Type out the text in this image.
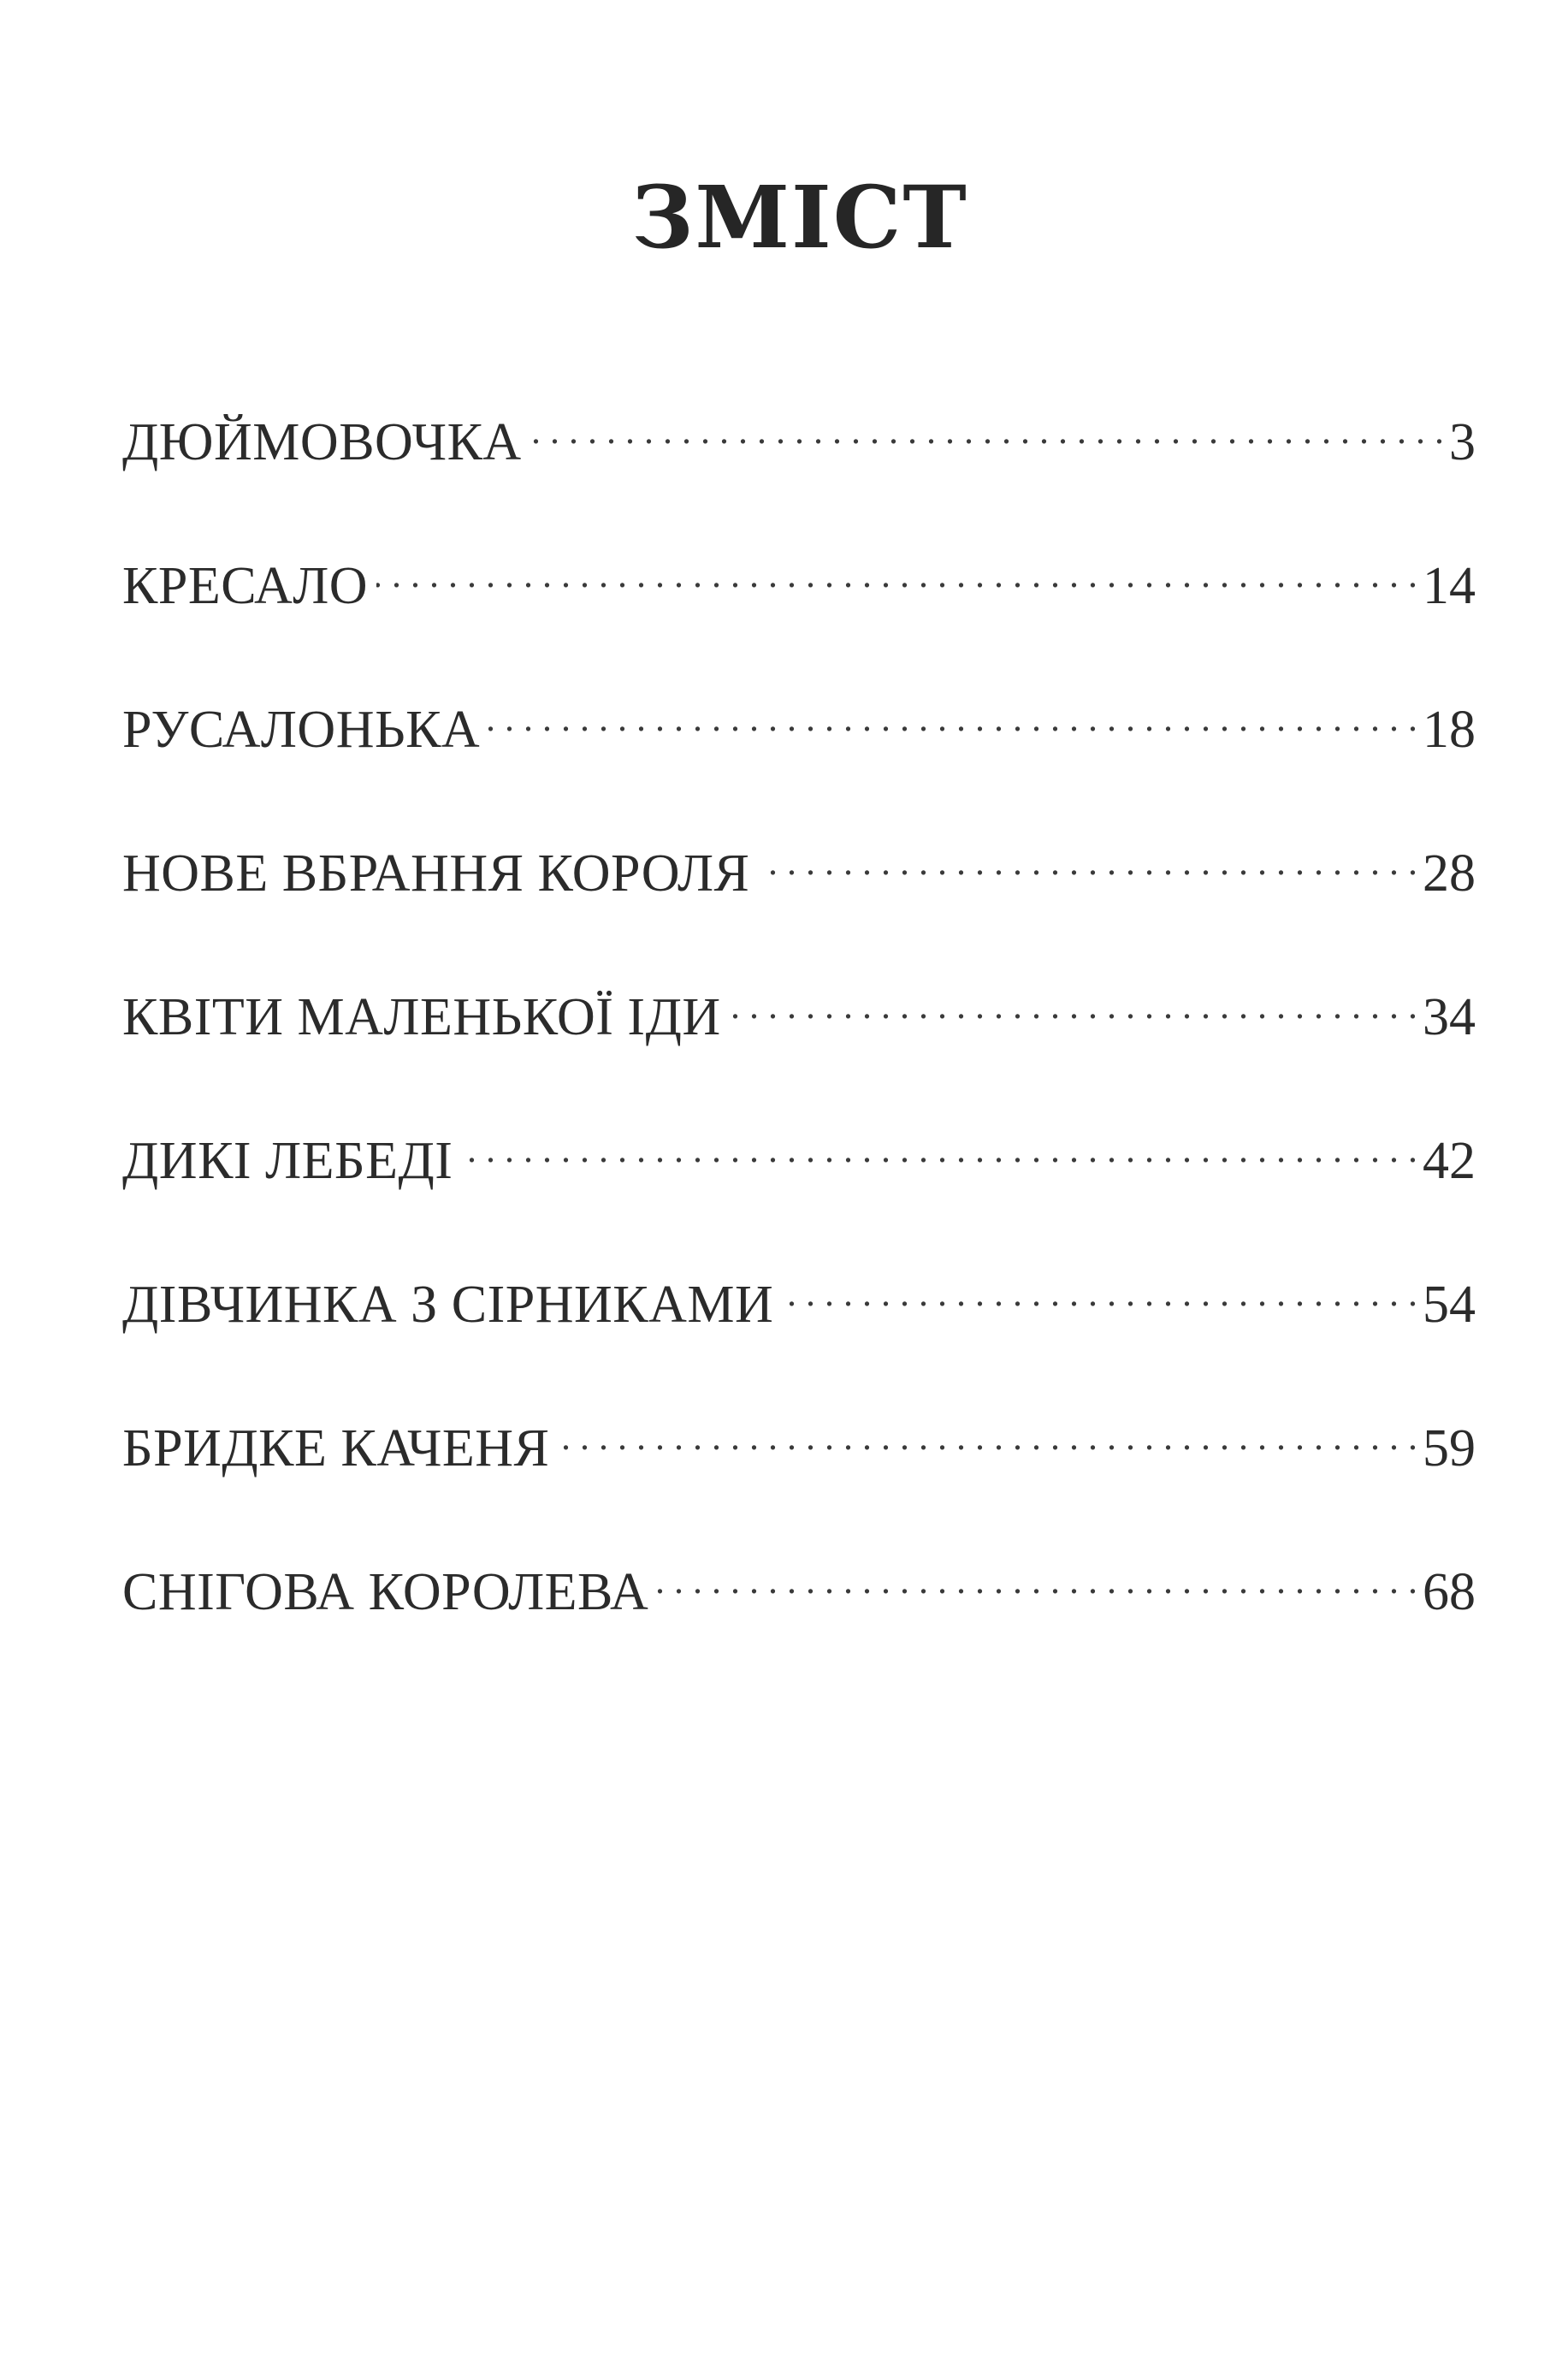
ЗМІСТ
ДЮЙМОВОЧКА . . .	3
КРЕСАЛО . . .	14
РУСАЛОНЬКА . . .	18
НОВЕ ВБРАННЯ КОРОЛЯ . . .	28
КВІТИ МАЛЕНЬКОЇ ІДИ . . .	34
ДИКІ ЛЕБЕДІ . . .	42
ДІВЧИНКА З СІРНИКАМИ . . .	54
БРИДКЕ КАЧЕНЯ . . .	59
СНІГОВА КОРОЛЕВА . . .	68
